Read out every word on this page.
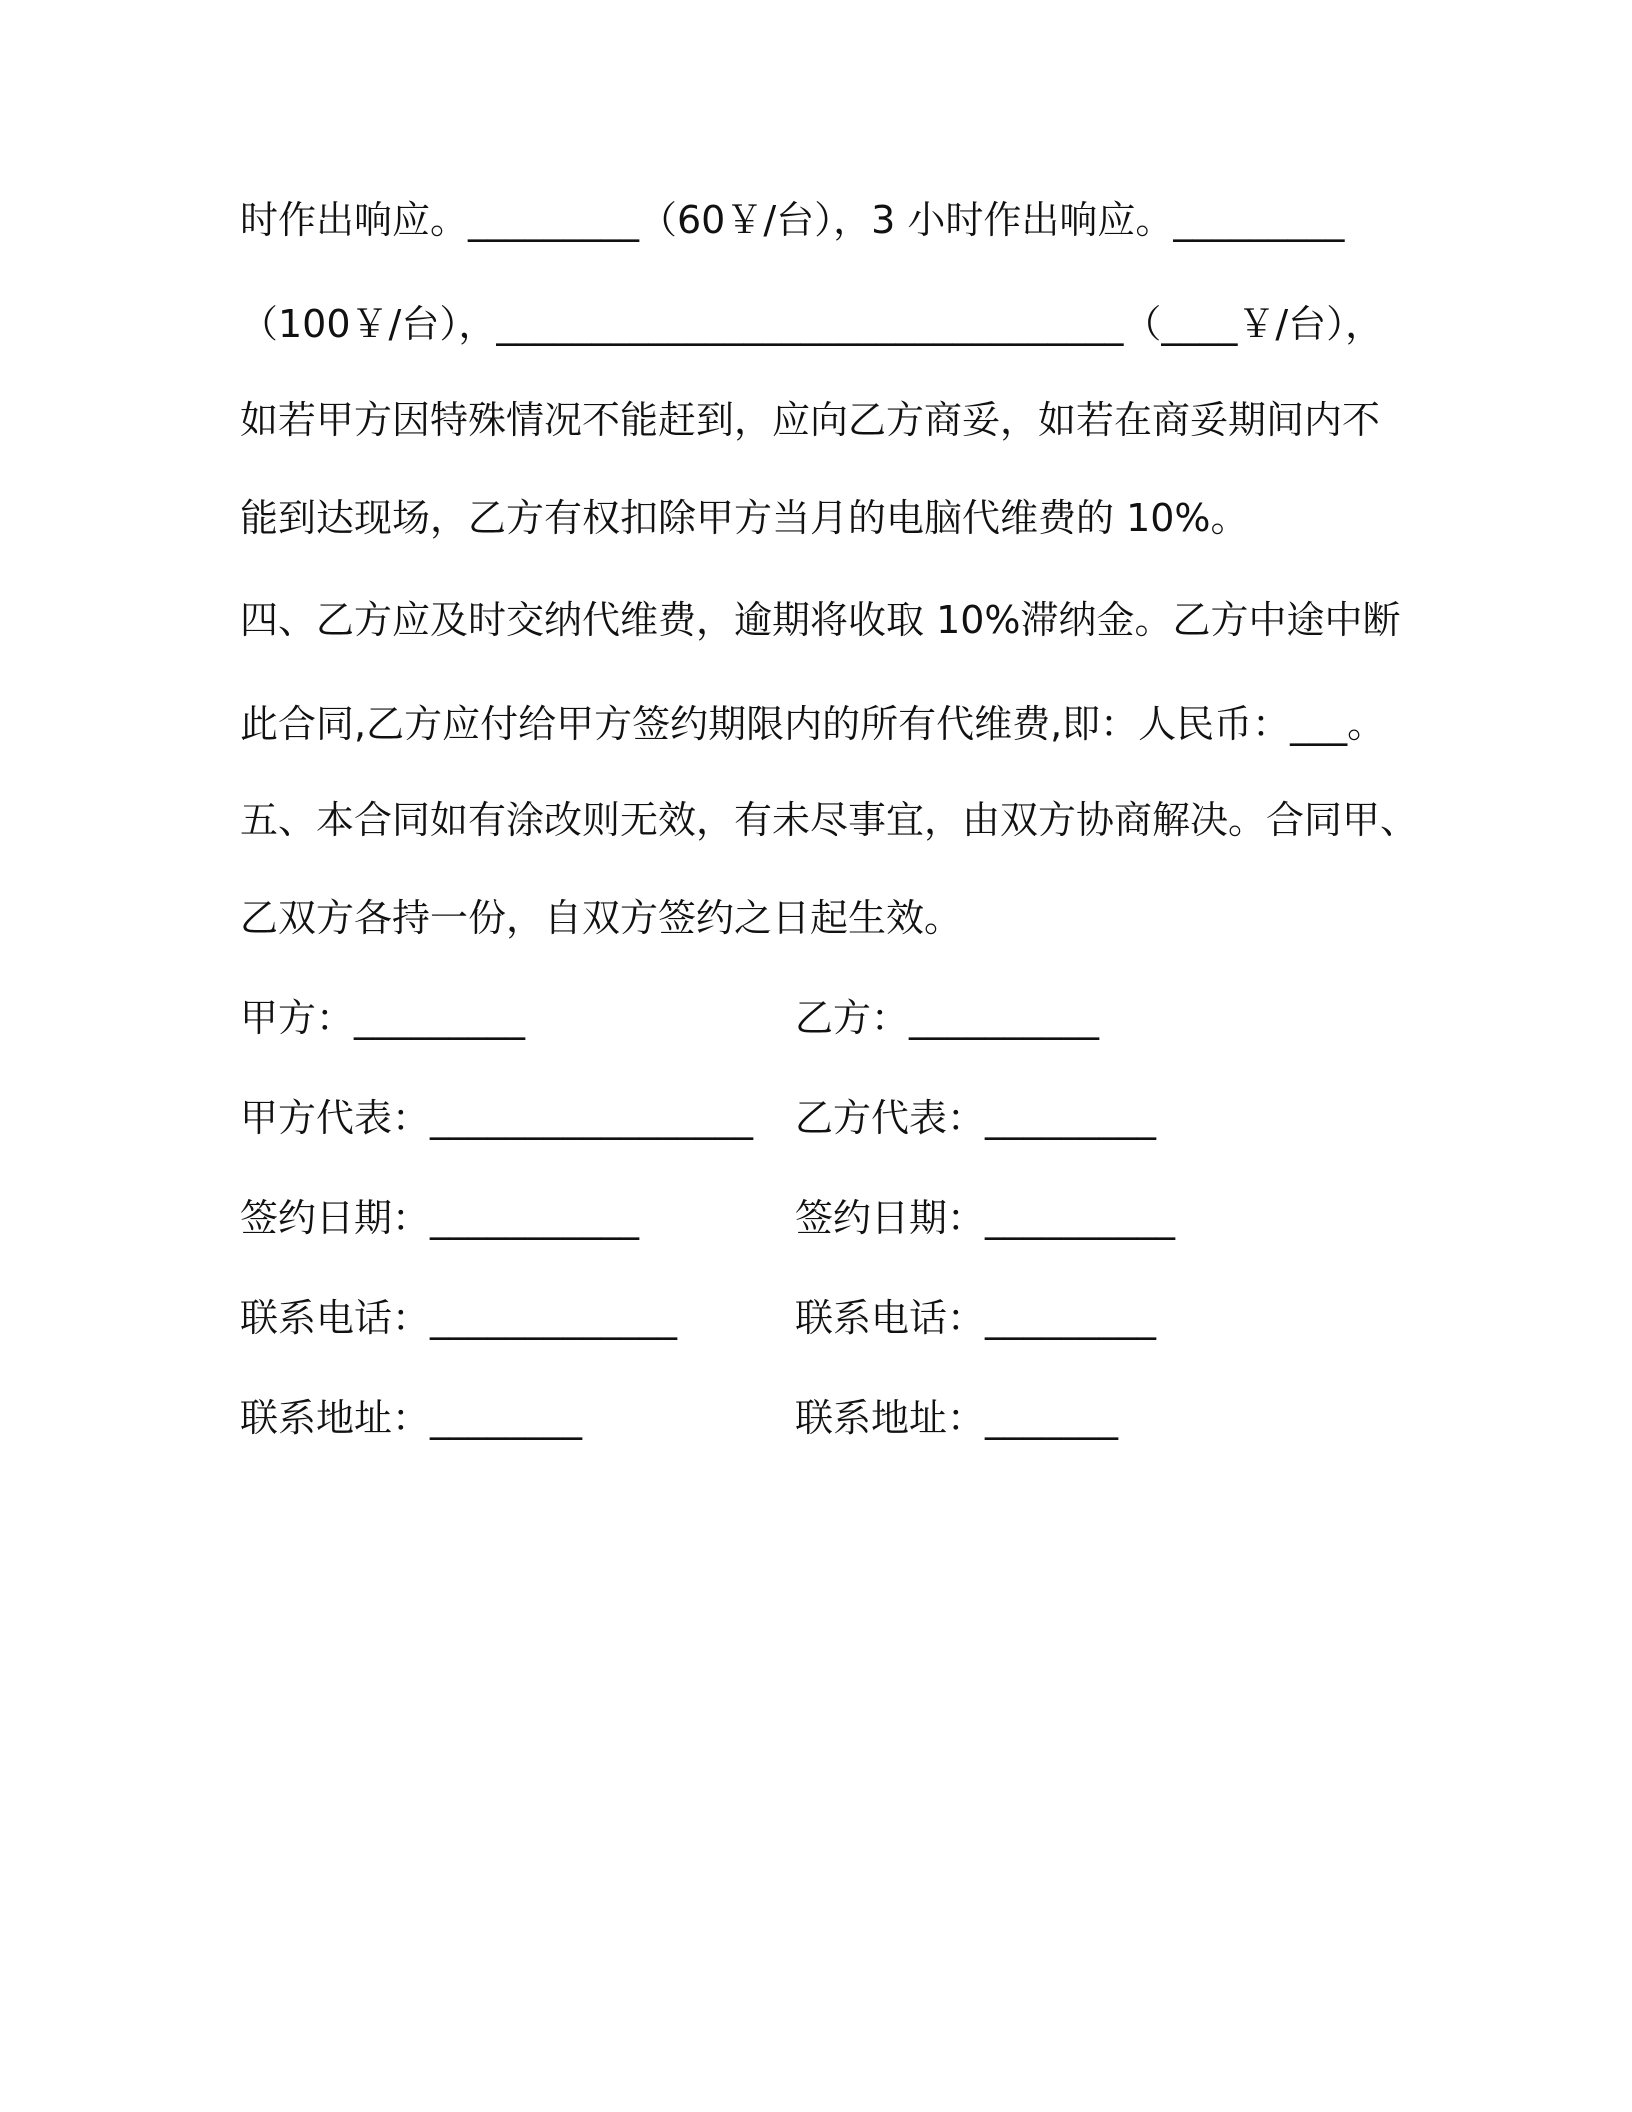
时作出响应。_________（60￥/台），3 小时作出响应。_________
（100￥/台），_________________________________（____￥/台），
如若甲方因特殊情况不能赶到，应向乙方商妥，如若在商妥期间内不
能到达现场，乙方有权扣除甲方当月的电脑代维费的 10%。
四、乙方应及时交纳代维费，逾期将收取 10%滞纳金。乙方中途中断
此合同,乙方应付给甲方签约期限内的所有代维费,即：人民币：___。
五、本合同如有涂改则无效，有未尽事宜，由双方协商解决。合同甲、
乙双方各持一份，自双方签约之日起生效。
甲方：_________	乙方：__________
甲方代表：_________________ 乙方代表：_________
签约日期：___________	签约日期：__________
联系电话：_____________	联系电话：_________
联系地址：________	联系地址：_______
